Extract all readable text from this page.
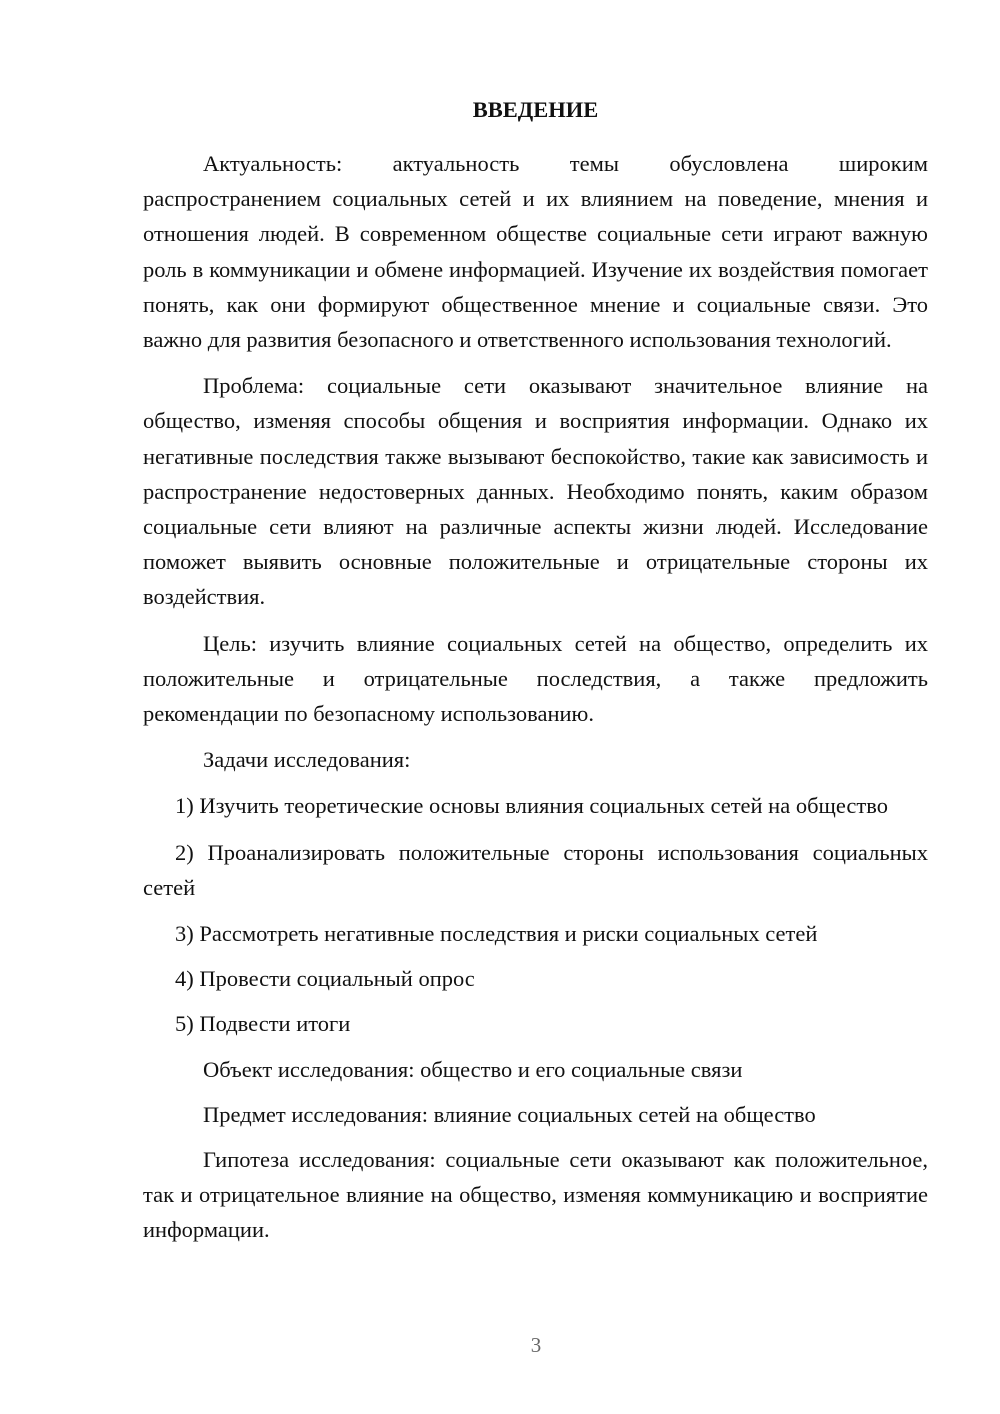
ВВЕДЕНИЕ

Актуальность: актуальность темы обусловлена широким распространением социальных сетей и их влиянием на поведение, мнения и отношения людей. В современном обществе социальные сети играют важную роль в коммуникации и обмене информацией. Изучение их воздействия помогает понять, как они формируют общественное мнение и социальные связи. Это важно для развития безопасного и ответственного использования технологий.

Проблема: социальные сети оказывают значительное влияние на общество, изменяя способы общения и восприятия информации. Однако их негативные последствия также вызывают беспокойство, такие как зависимость и распространение недостоверных данных. Необходимо понять, каким образом социальные сети влияют на различные аспекты жизни людей. Исследование поможет выявить основные положительные и отрицательные стороны их воздействия.

Цель: изучить влияние социальных сетей на общество, определить их положительные и отрицательные последствия, а также предложить рекомендации по безопасному использованию.

Задачи исследования:

1) Изучить теоретические основы влияния социальных сетей на общество

2) Проанализировать положительные стороны использования социальных сетей

3) Рассмотреть негативные последствия и риски социальных сетей

4) Провести социальный опрос

5) Подвести итоги

Объект исследования: общество и его социальные связи

Предмет исследования: влияние социальных сетей на общество

Гипотеза исследования: социальные сети оказывают как положительное, так и отрицательное влияние на общество, изменяя коммуникацию и восприятие информации.

3
